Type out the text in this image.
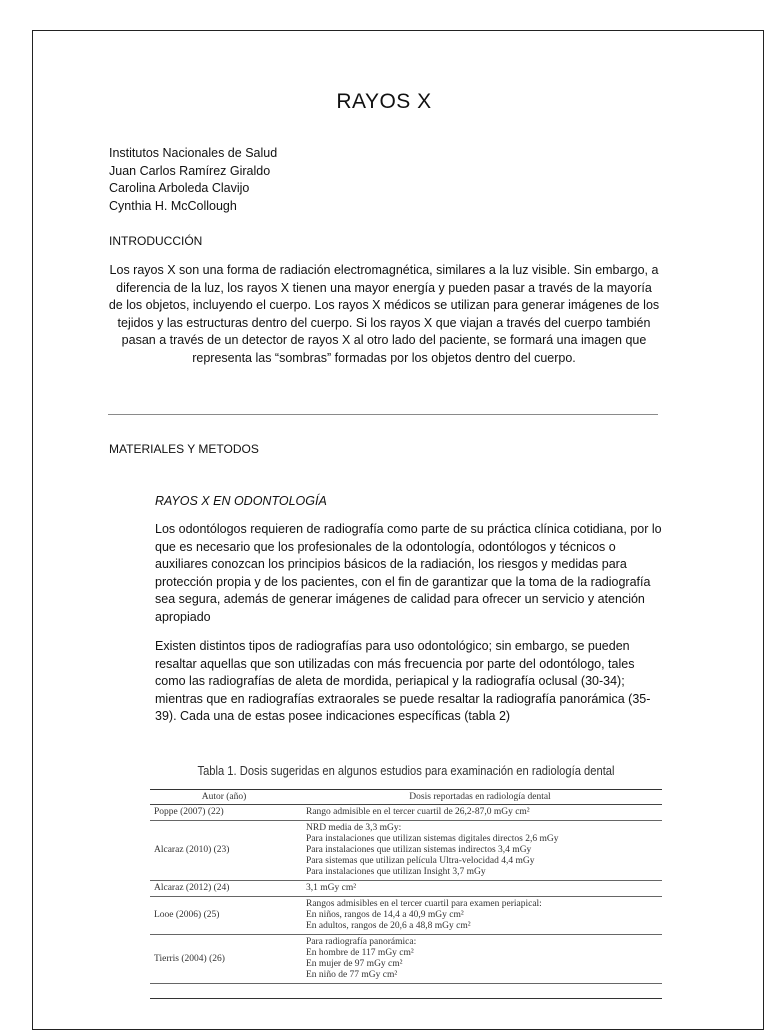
RAYOS X
Institutos Nacionales de Salud
Juan Carlos Ramírez Giraldo
Carolina Arboleda Clavijo
Cynthia H. McCollough
INTRODUCCIÓN
Los rayos X son una forma de radiación electromagnética, similares a la luz visible. Sin embargo, a diferencia de la luz, los rayos X tienen una mayor energía y pueden pasar a través de la mayoría de los objetos, incluyendo el cuerpo. Los rayos X médicos se utilizan para generar imágenes de los tejidos y las estructuras dentro del cuerpo. Si los rayos X que viajan a través del cuerpo también pasan a través de un detector de rayos X al otro lado del paciente, se formará una imagen que representa las “sombras” formadas por los objetos dentro del cuerpo.
MATERIALES Y METODOS
RAYOS X EN ODONTOLOGÍA
Los odontólogos requieren de radiografía como parte de su práctica clínica cotidiana, por lo que es necesario que los profesionales de la odontología, odontólogos y técnicos o auxiliares conozcan los principios básicos de la radiación, los riesgos y medidas para protección propia y de los pacientes, con el fin de garantizar que la toma de la radiografía sea segura, además de generar imágenes de calidad para ofrecer un servicio y atención apropiado
Existen distintos tipos de radiografías para uso odontológico; sin embargo, se pueden resaltar aquellas que son utilizadas con más frecuencia por parte del odontólogo, tales como las radiografías de aleta de mordida, periapical y la radiografía oclusal (30-34); mientras que en radiografías extraorales se puede resaltar la radiografía panorámica (35-39). Cada una de estas posee indicaciones específicas (tabla 2)
Tabla 1. Dosis sugeridas en algunos estudios para examinación en radiología dental
Autor (año)	Dosis reportadas en radiología dental
Poppe (2007) (22)	Rango admisible en el tercer cuartil de 26,2-87,0 mGy cm²

Alcaraz (2010) (23)	NRD media de 3,3 mGy:
Para instalaciones que utilizan sistemas digitales directos 2,6 mGy
Para instalaciones que utilizan sistemas indirectos 3,4 mGy
Para sistemas que utilizan película Ultra-velocidad 4,4 mGy
Para instalaciones que utilizan Insight 3,7 mGy

Alcaraz (2012) (24)	3,1 mGy cm²

Looe (2006) (25)	Rangos admisibles en el tercer cuartil para examen periapical:
En niños, rangos de 14,4 a 40,9 mGy cm²
En adultos, rangos de 20,6 a 48,8 mGy cm²

Tierris (2004) (26)	Para radiografía panorámica:
En hombre de 117 mGy cm²
En mujer de 97 mGy cm²
En niño de 77 mGy cm²
